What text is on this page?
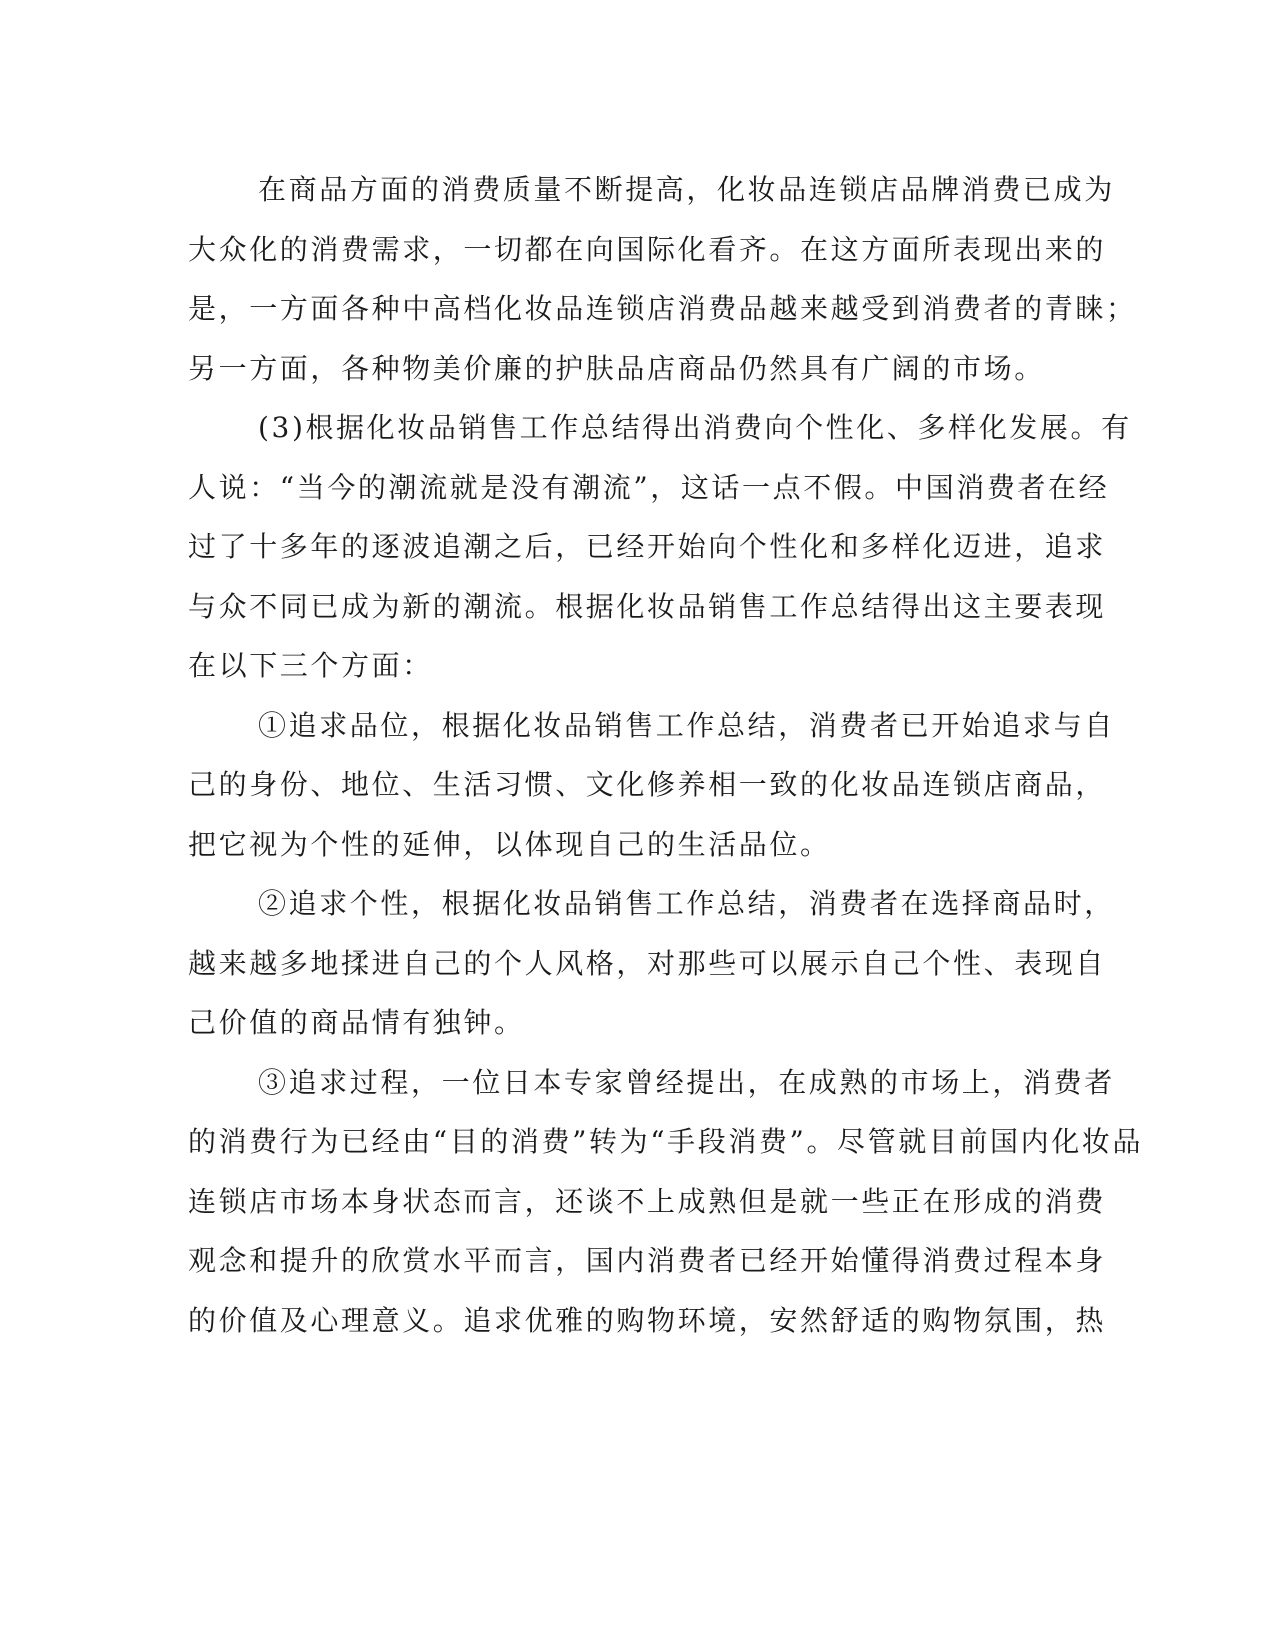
在商品方面的消费质量不断提高，化妆品连锁店品牌消费已成为
大众化的消费需求，一切都在向国际化看齐。在这方面所表现出来的
是，一方面各种中高档化妆品连锁店消费品越来越受到消费者的青睐；
另一方面，各种物美价廉的护肤品店商品仍然具有广阔的市场。
(3)根据化妆品销售工作总结得出消费向个性化、多样化发展。有
人说：“当今的潮流就是没有潮流”，这话一点不假。中国消费者在经
过了十多年的逐波追潮之后，已经开始向个性化和多样化迈进，追求
与众不同已成为新的潮流。根据化妆品销售工作总结得出这主要表现
在以下三个方面：
①追求品位，根据化妆品销售工作总结，消费者已开始追求与自
己的身份、地位、生活习惯、文化修养相一致的化妆品连锁店商品，
把它视为个性的延伸，以体现自己的生活品位。
②追求个性，根据化妆品销售工作总结，消费者在选择商品时，
越来越多地揉进自己的个人风格，对那些可以展示自己个性、表现自
己价值的商品情有独钟。
③追求过程，一位日本专家曾经提出，在成熟的市场上，消费者
的消费行为已经由“目的消费”转为“手段消费”。尽管就目前国内化妆品
连锁店市场本身状态而言，还谈不上成熟但是就一些正在形成的消费
观念和提升的欣赏水平而言，国内消费者已经开始懂得消费过程本身
的价值及心理意义。追求优雅的购物环境，安然舒适的购物氛围，热
